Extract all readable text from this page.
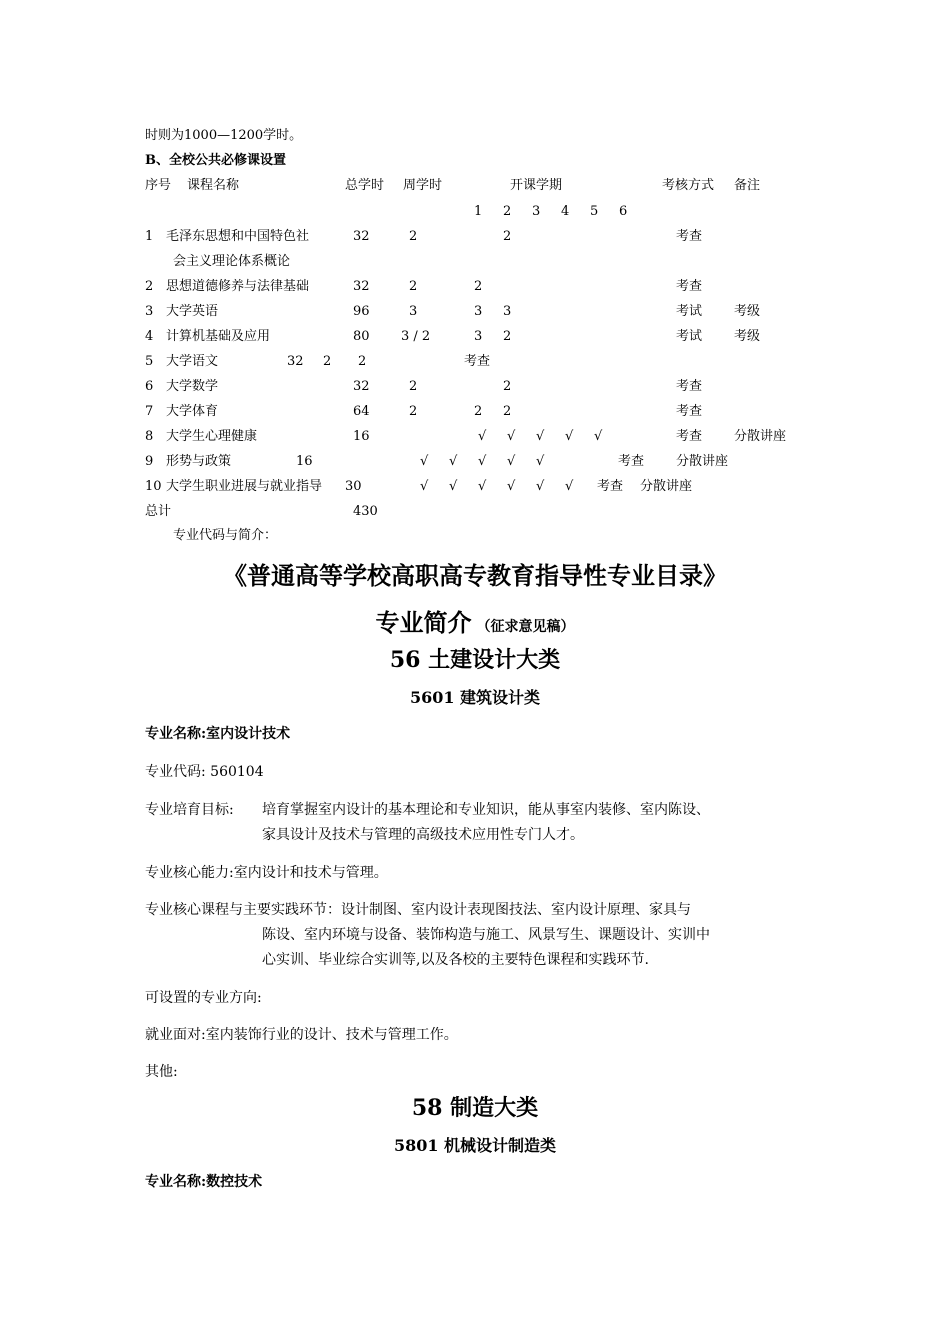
时则为1000—1200学时。
B、全校公共必修课设置
序号 课程名称	总学时 周学时	开课学期	考核方式 备注
1 2 3 4 5 6
1 毛泽东思想和中国特色社	32	2	2	考查
会主义理论体系概论
2 思想道德修养与法律基础	32	2	2	考查
3 大学英语	96	3	3 3	考试 考级
4 计算机基础及应用	80 3 / 2	3 2	考试 考级
5 大学语文	32 2 2	考查
6 大学数学	32	2	2	考查
7 大学体育	64	2	2 2	考查
8 大学生心理健康	16	√ √ √ √ √	考查 分散讲座
9 形势与政策	16	√ √ √ √ √	考查 分散讲座
10 大学生职业进展与就业指导 30	√ √ √ √ √ √ 考查 分散讲座
总计	430
专业代码与简介：
《普通高等学校高职高专教育指导性专业目录》
专业简介 （征求意见稿）
56 土建设计大类
5601 建筑设计类
专业名称:室内设计技术
专业代码: 560104
专业培育目标: 培育掌握室内设计的基本理论和专业知识，能从事室内装修、室内陈设、
家具设计及技术与管理的高级技术应用性专门人才。
专业核心能力:室内设计和技术与管理。
专业核心课程与主要实践环节：设计制图、室内设计表现图技法、室内设计原理、家具与
陈设、室内环境与设备、装饰构造与施工、风景写生、课题设计、实训中
心实训、毕业综合实训等,以及各校的主要特色课程和实践环节.
可设置的专业方向:
就业面对:室内装饰行业的设计、技术与管理工作。
其他:
58 制造大类
5801 机械设计制造类
专业名称:数控技术
